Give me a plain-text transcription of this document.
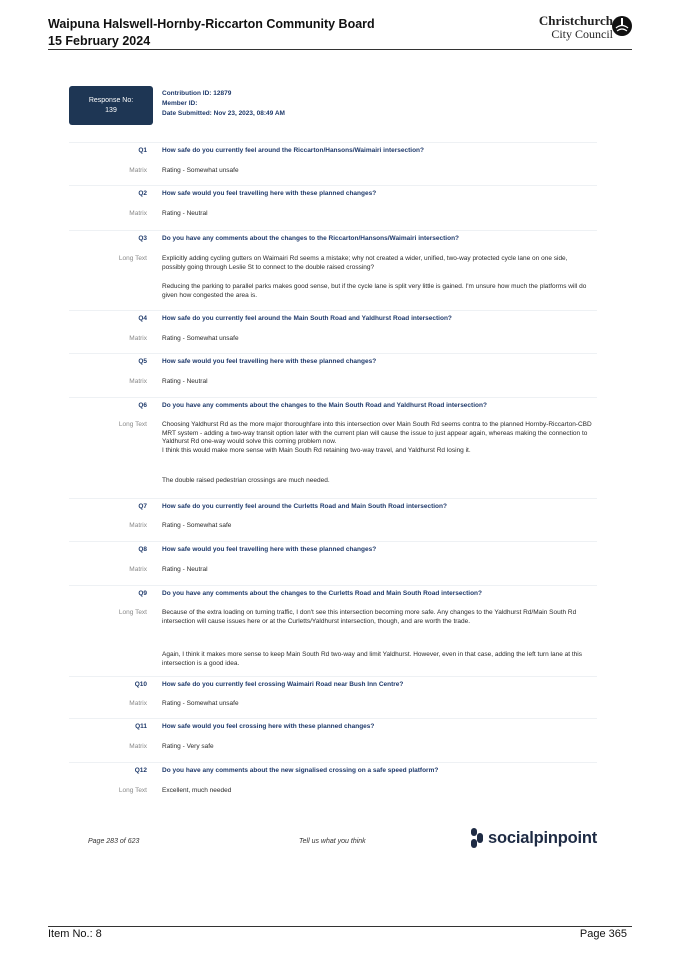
Waipuna Halswell-Hornby-Riccarton Community Board
15 February 2024
Christchurch
City Council
Response No:
139
Contribution ID: 12879
Member ID:
Date Submitted: Nov 23, 2023, 08:49 AM
Q1 How safe do you currently feel around the Riccarton/Hansons/Waimairi intersection?
Matrix Rating - Somewhat unsafe
Q2 How safe would you feel travelling here with these planned changes?
Matrix Rating - Neutral
Q3 Do you have any comments about the changes to the Riccarton/Hansons/Waimairi intersection?
Long Text Explicitly adding cycling gutters on Waimairi Rd seems a mistake; why not created a wider, unified, two-way protected cycle lane on one side, possibly going through Leslie St to connect to the double raised crossing?
Reducing the parking to parallel parks makes good sense, but if the cycle lane is split very little is gained. I'm unsure how much the platforms will do given how congested the area is.
Q4 How safe do you currently feel around the Main South Road and Yaldhurst Road intersection?
Matrix Rating - Somewhat unsafe
Q5 How safe would you feel travelling here with these planned changes?
Matrix Rating - Neutral
Q6 Do you have any comments about the changes to the Main South Road and Yaldhurst Road intersection?
Long Text Choosing Yaldhurst Rd as the more major thoroughfare into this intersection over Main South Rd seems contra to the planned Hornby-Riccarton-CBD MRT system - adding a two-way transit option later with the current plan will cause the issue to just appear again, whereas making the connection to Yaldhurst Rd one-way would solve this coming problem now.
I think this would make more sense with Main South Rd retaining two-way travel, and Yaldhurst Rd losing it.
The double raised pedestrian crossings are much needed.
Q7 How safe do you currently feel around the Curletts Road and Main South Road intersection?
Matrix Rating - Somewhat safe
Q8 How safe would you feel travelling here with these planned changes?
Matrix Rating - Neutral
Q9 Do you have any comments about the changes to the Curletts Road and Main South Road intersection?
Long Text Because of the extra loading on turning traffic, I don't see this intersection becoming more safe. Any changes to the Yaldhurst Rd/Main South Rd intersection will cause issues here or at the Curletts/Yaldhurst intersection, though, and are worth the trade.
Again, I think it makes more sense to keep Main South Rd two-way and limit Yaldhurst. However, even in that case, adding the left turn lane at this intersection is a good idea.
Q10 How safe do you currently feel crossing Waimairi Road near Bush Inn Centre?
Matrix Rating - Somewhat unsafe
Q11 How safe would you feel crossing here with these planned changes?
Matrix Rating - Very safe
Q12 Do you have any comments about the new signalised crossing on a safe speed platform?
Long Text Excellent, much needed
Page 283 of 623	Tell us what you think	socialpinpoint
Item No.: 8	Page 365
